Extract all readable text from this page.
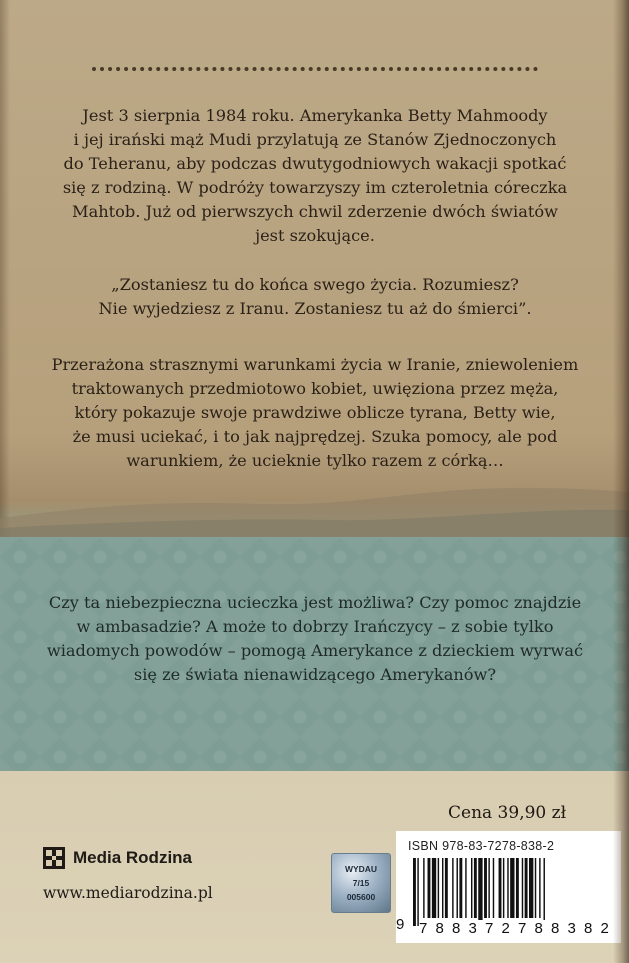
Jest 3 sierpnia 1984 roku. Amerykanka Betty Mahmoody

i jej irański mąż Mudi przylatują ze Stanów Zjednoczonych

do Teheranu, aby podczas dwutygodniowych wakacji spotkać

się z rodziną. W podróży towarzyszy im czteroletnia córeczka

Mahtob. Już od pierwszych chwil zderzenie dwóch światów

jest szokujące.

„Zostaniesz tu do końca swego życia. Rozumiesz?

Nie wyjedziesz z Iranu. Zostaniesz tu aż do śmierci”.

Przerażona strasznymi warunkami życia w Iranie, zniewoleniem

traktowanych przedmiotowo kobiet, uwięziona przez męża,

który pokazuje swoje prawdziwe oblicze tyrana, Betty wie,

że musi uciekać, i to jak najprędzej. Szuka pomocy, ale pod

warunkiem, że ucieknie tylko razem z córką…

Czy ta niebezpieczna ucieczka jest możliwa? Czy pomoc znajdzie

w ambasadzie? A może to dobrzy Irańczycy – z sobie tylko

wiadomych powodów – pomogą Amerykance z dzieckiem wyrwać

się ze świata nienawidzącego Amerykanów?

Cena 39,90 zł
ISBN 978-83-7278-838-2
9 7 8 8 3 7 2 7 8 8 3 8 2
WYDAU
7/15
005600
Media Rodzina
www.mediarodzina.pl
